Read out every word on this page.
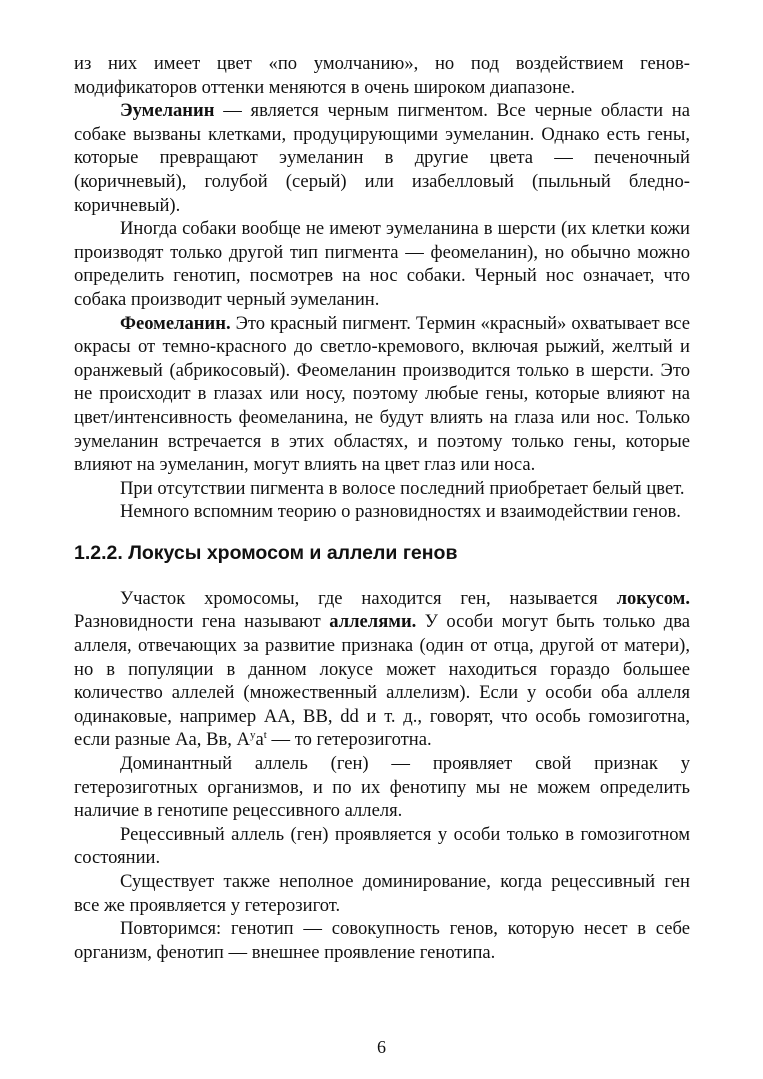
из них имеет цвет «по умолчанию», но под воздействием генов-модификаторов оттенки меняются в очень широком диапазоне.

Эумеланин — является черным пигментом. Все черные области на собаке вызваны клетками, продуцирующими эумеланин. Однако есть гены, которые превращают эумеланин в другие цвета — печеночный (коричневый), голубой (серый) или изабелловый (пыльный бледно-коричневый).

Иногда собаки вообще не имеют эумеланина в шерсти (их клетки кожи производят только другой тип пигмента — феомеланин), но обычно можно определить генотип, посмотрев на нос собаки. Черный нос означает, что собака производит черный эумеланин.

Феомеланин. Это красный пигмент. Термин «красный» охватывает все окрасы от темно-красного до светло-кремового, включая рыжий, желтый и оранжевый (абрикосовый). Феомеланин производится только в шерсти. Это не происходит в глазах или носу, поэтому любые гены, которые влияют на цвет/интенсивность феомеланина, не будут влиять на глаза или нос. Только эумеланин встречается в этих областях, и поэтому только гены, которые влияют на эумеланин, могут влиять на цвет глаз или носа.

При отсутствии пигмента в волосе последний приобретает белый цвет.

Немного вспомним теорию о разновидностях и взаимодействии генов.

1.2.2. Локусы хромосом и аллели генов

Участок хромосомы, где находится ген, называется локусом. Разновидности гена называют аллелями. У особи могут быть только два аллеля, отвечающих за развитие признака (один от отца, другой от матери), но в популяции в данном локусе может находиться гораздо большее количество аллелей (множественный аллелизм). Если у особи оба аллеля одинаковые, например AA, BB, dd и т. д., говорят, что особь гомозиготна, если разные Aa, Вв, $A^ya^t$ — то гетерозиготна.

Доминантный аллель (ген) — проявляет свой признак у гетерозиготных организмов, и по их фенотипу мы не можем определить наличие в генотипе рецессивного аллеля.

Рецессивный аллель (ген) проявляется у особи только в гомозиготном состоянии.

Существует также неполное доминирование, когда рецессивный ген все же проявляется у гетерозигот.

Повторимся: генотип — совокупность генов, которую несет в себе организм, фенотип — внешнее проявление генотипа.

6
